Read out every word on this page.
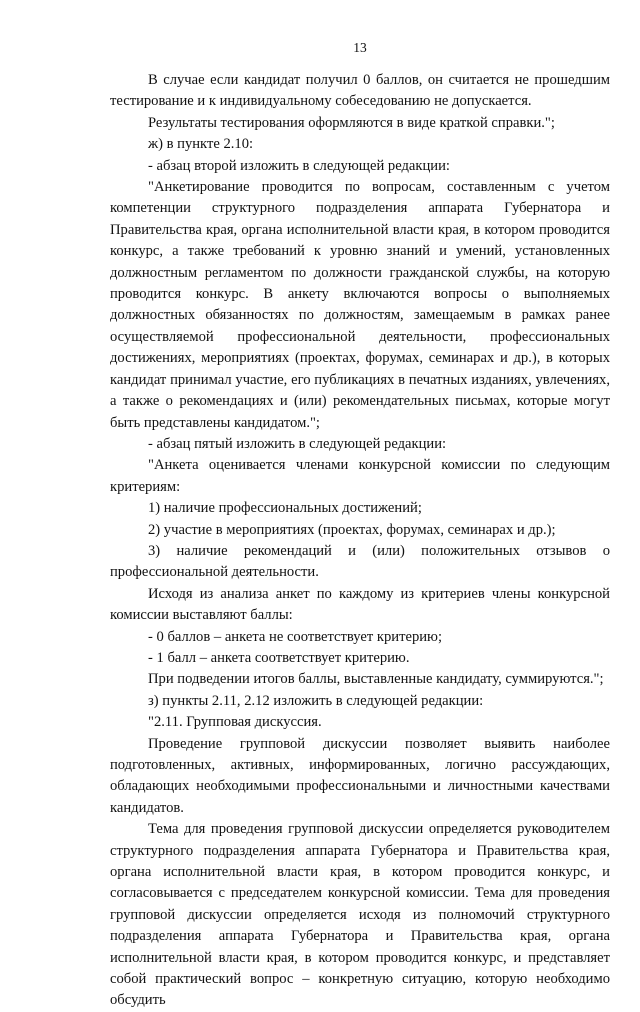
13

В случае если кандидат получил 0 баллов, он считается не прошедшим тестирование и к индивидуальному собеседованию не допускается.

Результаты тестирования оформляются в виде краткой справки.";

ж) в пункте 2.10:

- абзац второй изложить в следующей редакции:

"Анкетирование проводится по вопросам, составленным с учетом компетенции структурного подразделения аппарата Губернатора и Правительства края, органа исполнительной власти края, в котором проводится конкурс, а также требований к уровню знаний и умений, установленных должностным регламентом по должности гражданской службы, на которую проводится конкурс. В анкету включаются вопросы о выполняемых должностных обязанностях по должностям, замещаемым в рамках ранее осуществляемой профессиональной деятельности, профессиональных достижениях, мероприятиях (проектах, форумах, семинарах и др.), в которых кандидат принимал участие, его публикациях в печатных изданиях, увлечениях, а также о рекомендациях и (или) рекомендательных письмах, которые могут быть представлены кандидатом.";

- абзац пятый изложить в следующей редакции:

"Анкета оценивается членами конкурсной комиссии по следующим критериям:

1) наличие профессиональных достижений;

2) участие в мероприятиях (проектах, форумах, семинарах и др.);

3) наличие рекомендаций и (или) положительных отзывов о профессиональной деятельности.

Исходя из анализа анкет по каждому из критериев члены конкурсной комиссии выставляют баллы:

- 0 баллов – анкета не соответствует критерию;

- 1 балл – анкета соответствует критерию.

При подведении итогов баллы, выставленные кандидату, суммируются.";

з) пункты 2.11, 2.12 изложить в следующей редакции:

"2.11. Групповая дискуссия.

Проведение групповой дискуссии позволяет выявить наиболее подготовленных, активных, информированных, логично рассуждающих, обладающих необходимыми профессиональными и личностными качествами кандидатов.

Тема для проведения групповой дискуссии определяется руководителем структурного подразделения аппарата Губернатора и Правительства края, органа исполнительной власти края, в котором проводится конкурс, и согласовывается с председателем конкурсной комиссии. Тема для проведения групповой дискуссии определяется исходя из полномочий структурного подразделения аппарата Губернатора и Правительства края, органа исполнительной власти края, в котором проводится конкурс, и представляет собой практический вопрос – конкретную ситуацию, которую необходимо обсудить
